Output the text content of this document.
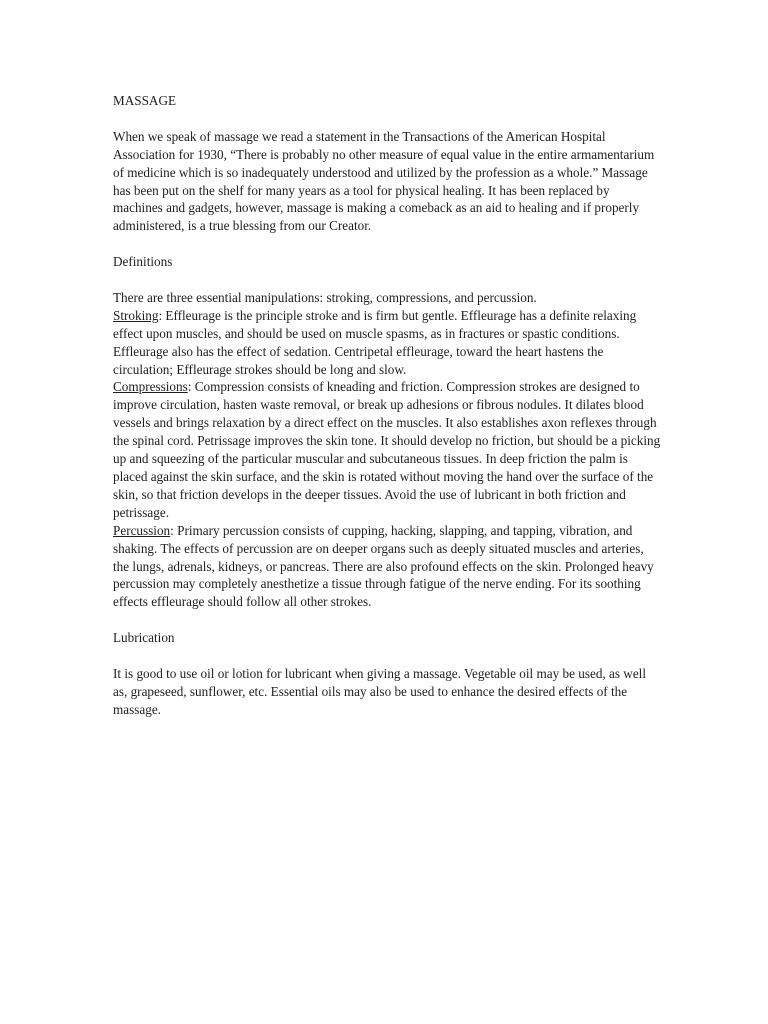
MASSAGE

When we speak of massage we read a statement in the Transactions of the American Hospital Association for 1930, “There is probably no other measure of equal value in the entire armamentarium of medicine which is so inadequately understood and utilized by the profession as a whole.” Massage has been put on the shelf for many years as a tool for physical healing. It has been replaced by machines and gadgets, however, massage is making a comeback as an aid to healing and if properly administered, is a true blessing from our Creator.

Definitions

There are three essential manipulations: stroking, compressions, and percussion.

Stroking: Effleurage is the principle stroke and is firm but gentle. Effleurage has a definite relaxing effect upon muscles, and should be used on muscle spasms, as in fractures or spastic conditions. Effleurage also has the effect of sedation. Centripetal effleurage, toward the heart hastens the circulation; Effleurage strokes should be long and slow.

Compressions: Compression consists of kneading and friction. Compression strokes are designed to improve circulation, hasten waste removal, or break up adhesions or fibrous nodules. It dilates blood vessels and brings relaxation by a direct effect on the muscles. It also establishes axon reflexes through the spinal cord. Petrissage improves the skin tone. It should develop no friction, but should be a picking up and squeezing of the particular muscular and subcutaneous tissues. In deep friction the palm is placed against the skin surface, and the skin is rotated without moving the hand over the surface of the skin, so that friction develops in the deeper tissues. Avoid the use of lubricant in both friction and petrissage.

Percussion: Primary percussion consists of cupping, hacking, slapping, and tapping, vibration, and shaking. The effects of percussion are on deeper organs such as deeply situated muscles and arteries, the lungs, adrenals, kidneys, or pancreas. There are also profound effects on the skin. Prolonged heavy percussion may completely anesthetize a tissue through fatigue of the nerve ending. For its soothing effects effleurage should follow all other strokes.

Lubrication

It is good to use oil or lotion for lubricant when giving a massage. Vegetable oil may be used, as well as, grapeseed, sunflower, etc. Essential oils may also be used to enhance the desired effects of the massage.
